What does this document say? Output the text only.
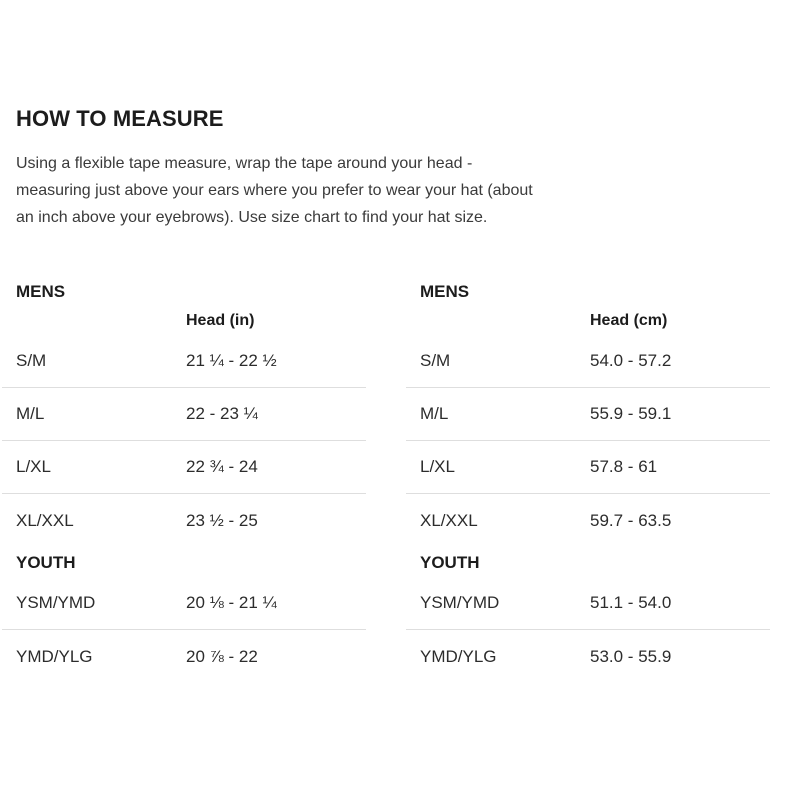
HOW TO MEASURE

Using a flexible tape measure, wrap the tape around your head - measuring just above your ears where you prefer to wear your hat (about an inch above your eyebrows). Use size chart to find your hat size.

MENS
Head (in)
S/M	21 ¼ - 22 ½
M/L	22 - 23 ¼
L/XL	22 ¾ - 24
XL/XXL	23 ½ - 25
YOUTH
YSM/YMD	20 ⅛ - 21 ¼
YMD/YLG	20 ⅞ - 22
MENS
Head (cm)
S/M	54.0 - 57.2
M/L	55.9 - 59.1
L/XL	57.8 - 61
XL/XXL	59.7 - 63.5
YOUTH
YSM/YMD	51.1 - 54.0
YMD/YLG	53.0 - 55.9
